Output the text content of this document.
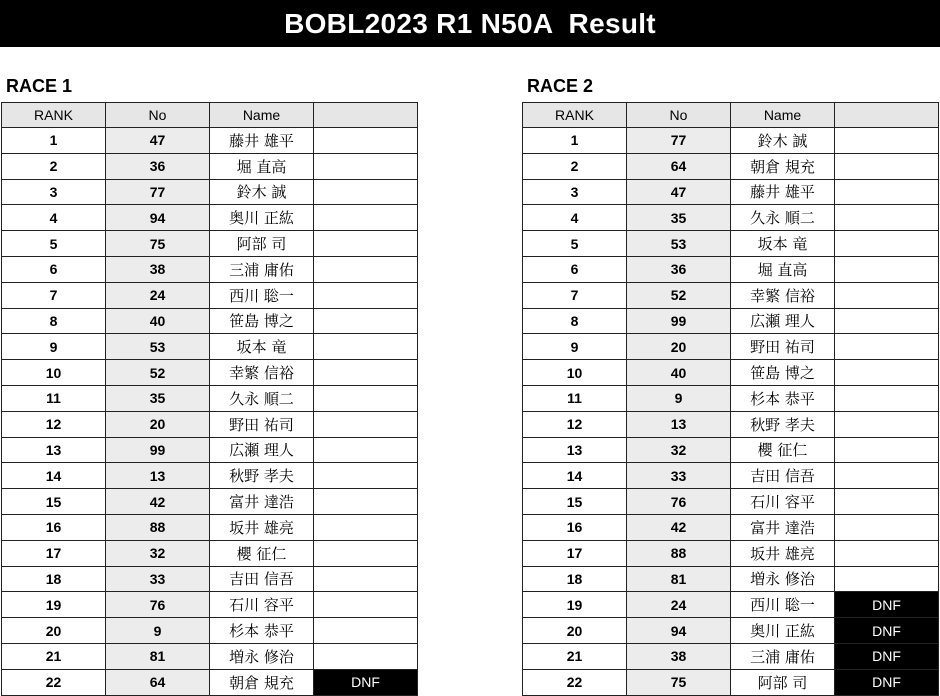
BOBL2023 R1 N50A  Result
RACE 1	RACE 2
RANK	No	Name	
1	47	藤井 雄平	
2	36	堀 直高	
3	77	鈴木 誠	
4	94	奥川 正紘	
5	75	阿部 司	
6	38	三浦 庸佑	
7	24	西川 聡一	
8	40	笹島 博之	
9	53	坂本 竜	
10	52	幸繁 信裕	
11	35	久永 順二	
12	20	野田 祐司	
13	99	広瀬 理人	
14	13	秋野 孝夫	
15	42	富井 達浩	
16	88	坂井 雄亮	
17	32	櫻 征仁	
18	33	吉田 信吾	
19	76	石川 容平	
20	9	杉本 恭平	
21	81	増永 修治	
22	64	朝倉 規充	DNF
RANK	No	Name	
1	77	鈴木 誠	
2	64	朝倉 規充	
3	47	藤井 雄平	
4	35	久永 順二	
5	53	坂本 竜	
6	36	堀 直高	
7	52	幸繁 信裕	
8	99	広瀬 理人	
9	20	野田 祐司	
10	40	笹島 博之	
11	9	杉本 恭平	
12	13	秋野 孝夫	
13	32	櫻 征仁	
14	33	吉田 信吾	
15	76	石川 容平	
16	42	富井 達浩	
17	88	坂井 雄亮	
18	81	増永 修治	
19	24	西川 聡一	DNF
20	94	奥川 正紘	DNF
21	38	三浦 庸佑	DNF
22	75	阿部 司	DNF
